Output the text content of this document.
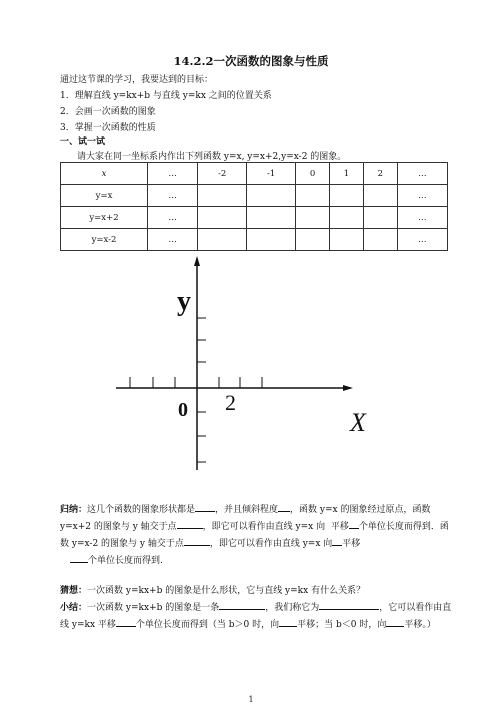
14.2.2一次函数的图象与性质
通过这节课的学习，我要达到的目标：
1．理解直线 y=kx+b 与直线 y=kx 之间的位置关系
2．会画一次函数的图象
3．掌握一次函数的性质
一、试一试
请大家在同一坐标系内作出下列函数 y=x, y=x+2,y=x-2 的图象。
x	…	-2	-1	0	1	2	…
y=x	…						…
y=x+2	…						…
y=x-2	…						…
y
X
0 2
归纳：这几个函数的图象形状都是 ，并且倾斜程度 ，函数 y=x 的图象经过原点，函数 y=x+2 的图象与 y 轴交于点	，即它可以看作由直线 y=x 向 平移 个单位长度而得到．函数 y=x-2 的图象与 y 轴交于点	，即它可以看作由直线 y=x 向 平移
个单位长度而得到.
猜想：一次函数 y=kx+b 的图象是什么形状，它与直线 y=kx 有什么关系？
小结：一次函数 y=kx+b 的图象是一条	，我们称它为	，它可以看作由直线 y=kx 平移 个单位长度而得到（当 b＞0 时，向 平移；当 b＜0 时，向 平移。）
1
